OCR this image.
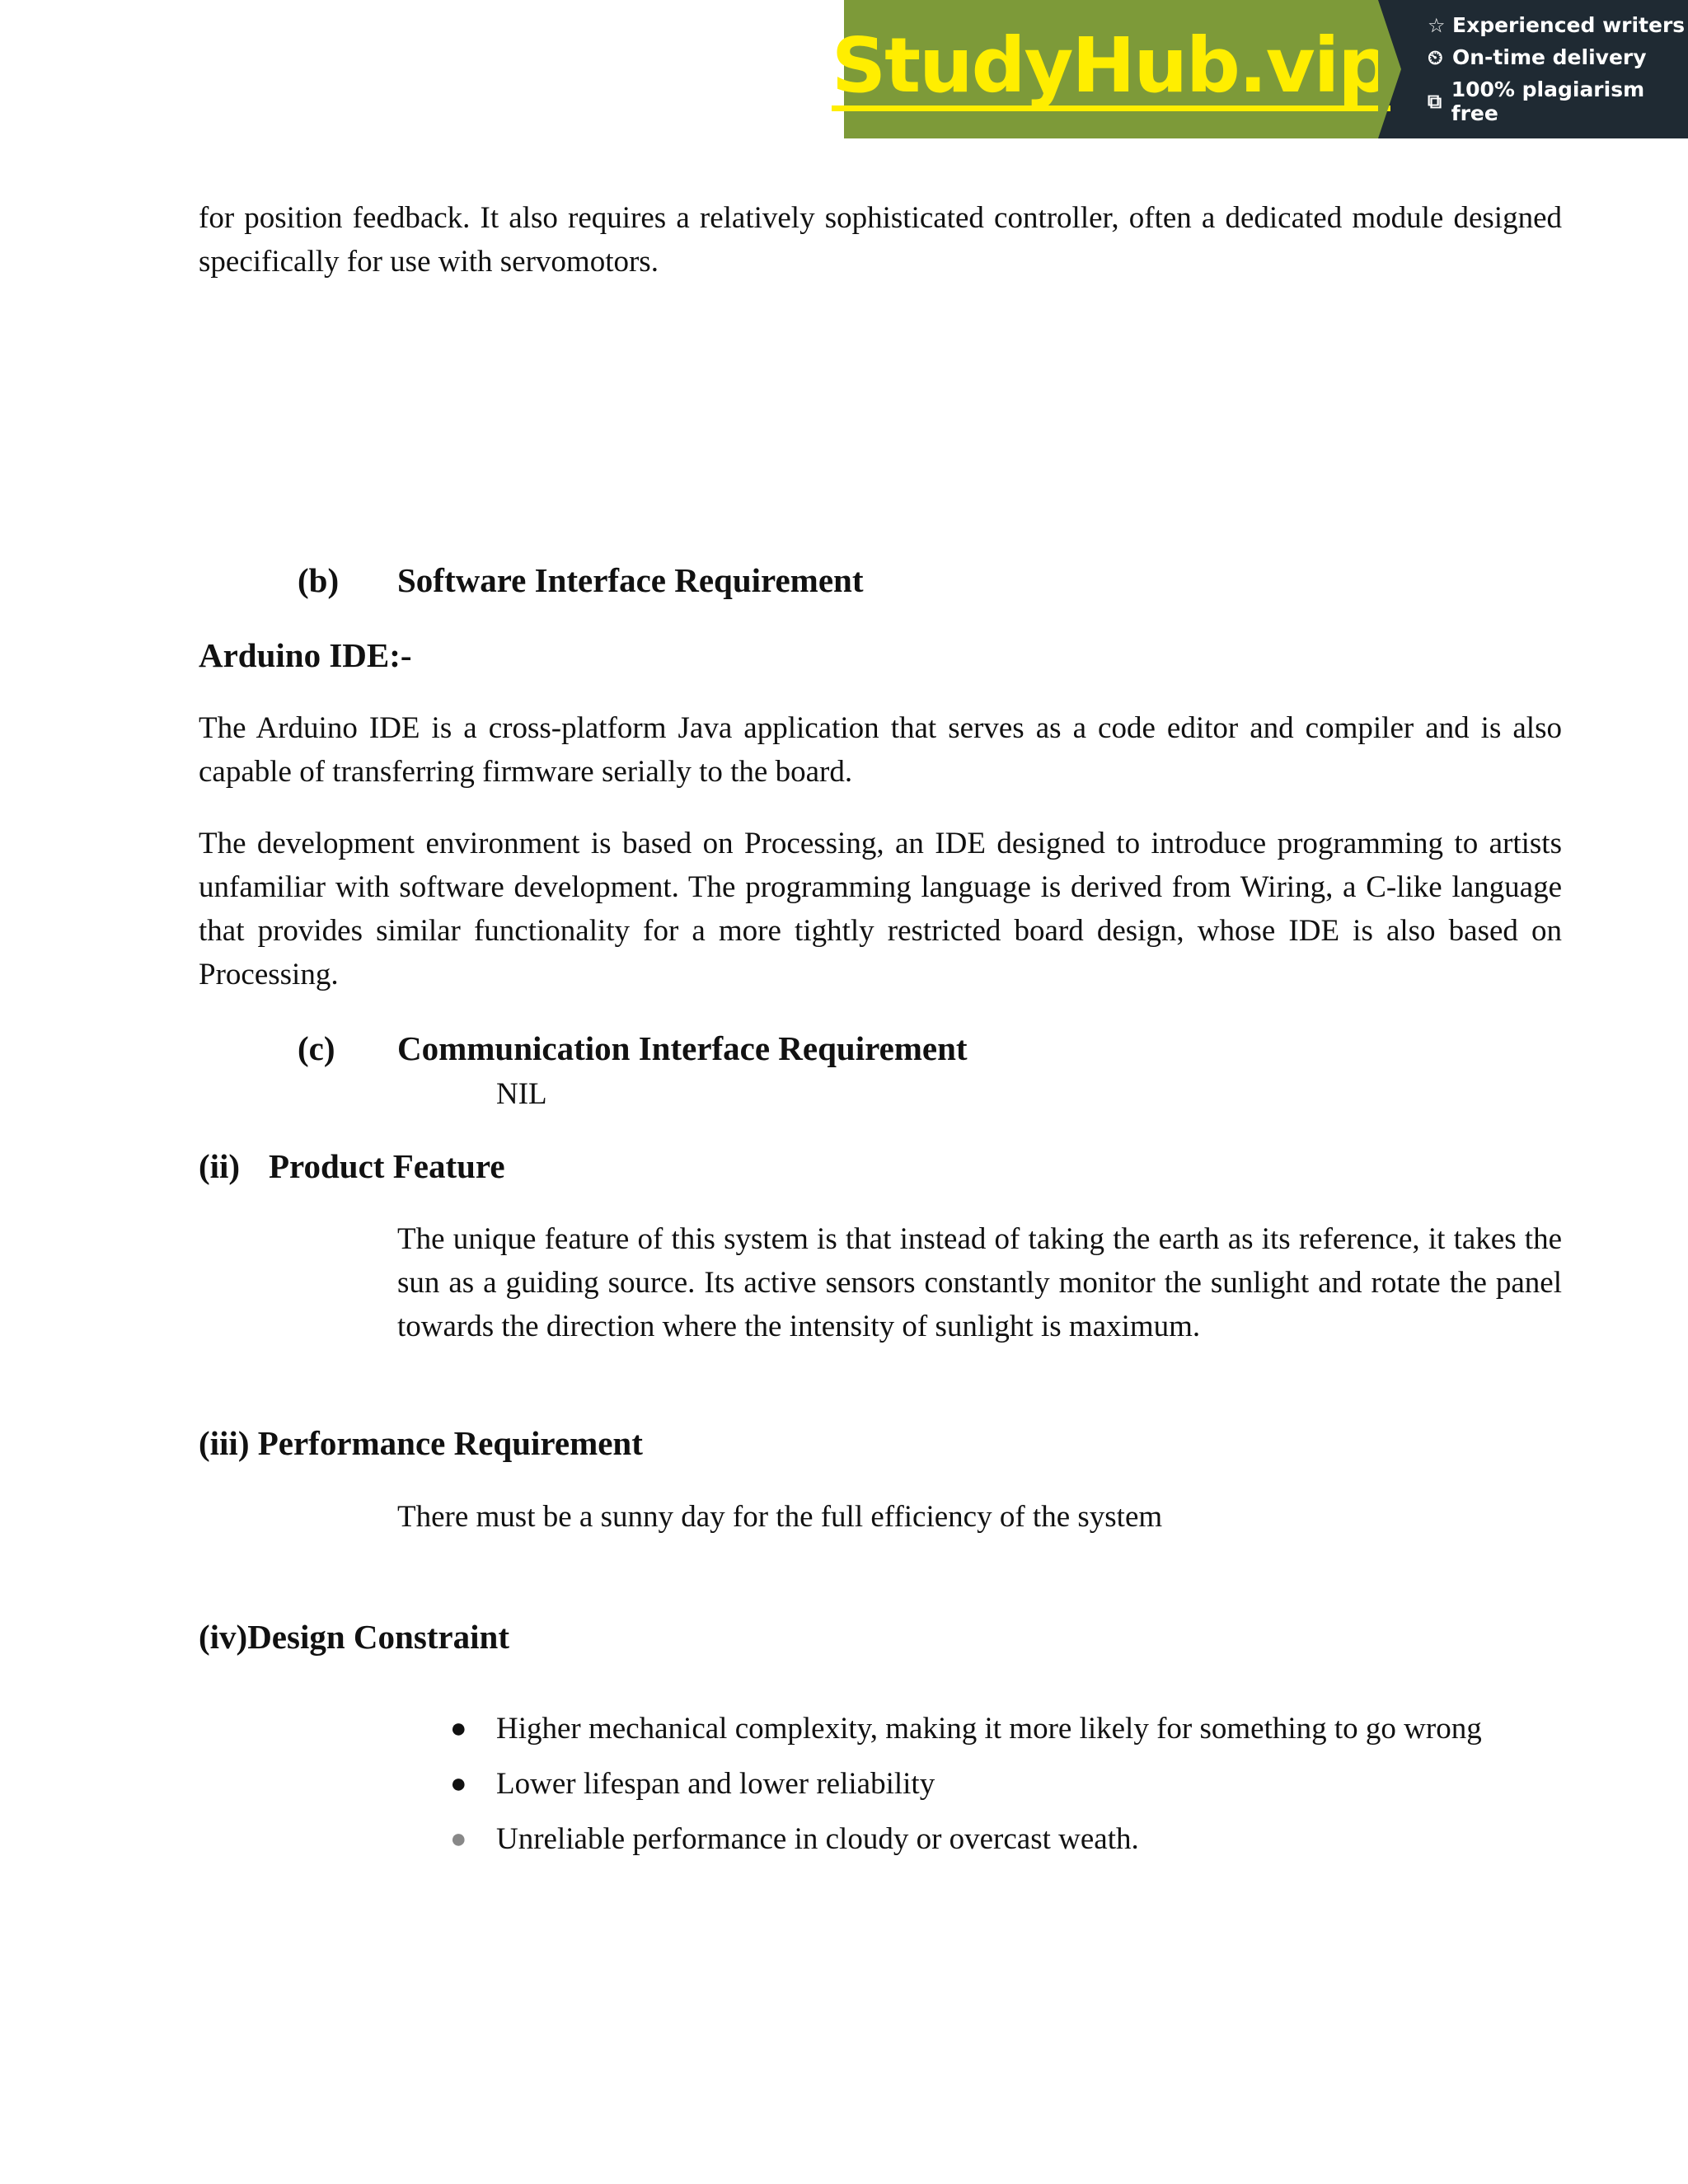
StudyHub.vip ☆ Experienced writers
⏲ On-time delivery
⧉ 100% plagiarism free

for position feedback. It also requires a relatively sophisticated controller, often a dedicated module designed specifically for use with servomotors.

(b) Software Interface Requirement
Arduino IDE:-

The Arduino IDE is a cross-platform Java application that serves as a code editor and compiler and is also capable of transferring firmware serially to the board.

The development environment is based on Processing, an IDE designed to introduce programming to artists unfamiliar with software development. The programming language is derived from Wiring, a C-like language that provides similar functionality for a more tightly restricted board design, whose IDE is also based on Processing.

(c) Communication Interface Requirement

NIL

(ii) Product Feature

The unique feature of this system is that instead of taking the earth as its reference, it takes the sun as a guiding source. Its active sensors constantly monitor the sunlight and rotate the panel towards the direction where the intensity of sunlight is maximum.

(iii) Performance Requirement

There must be a sunny day for the full efficiency of the system

(iv)Design Constraint
● Higher mechanical complexity, making it more likely for something to go wrong
● Lower lifespan and lower reliability
● Unreliable performance in cloudy or overcast weath.
